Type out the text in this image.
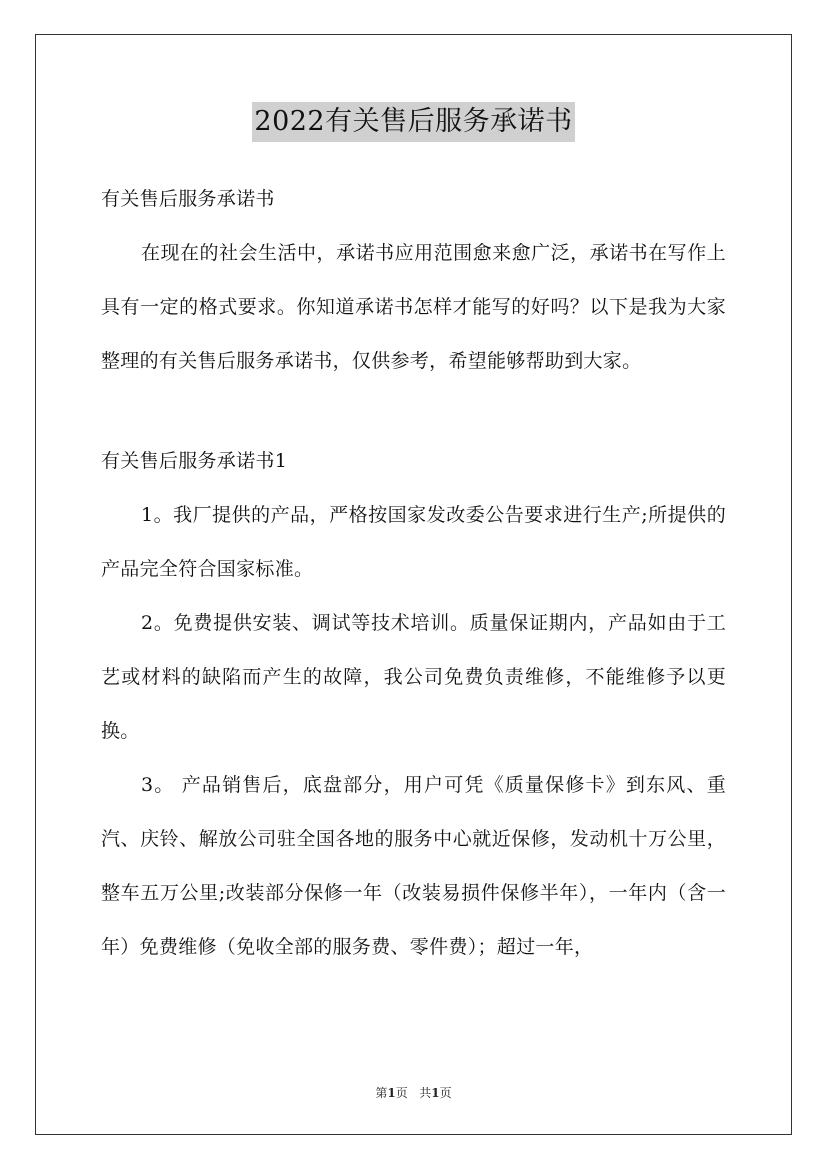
2022有关售后服务承诺书

有关售后服务承诺书

在现在的社会生活中，承诺书应用范围愈来愈广泛，承诺书在写作上具有一定的格式要求。你知道承诺书怎样才能写的好吗？以下是我为大家整理的有关售后服务承诺书，仅供参考，希望能够帮助到大家。

有关售后服务承诺书1

1。我厂提供的产品，严格按国家发改委公告要求进行生产;所提供的产品完全符合国家标准。

2。免费提供安装、调试等技术培训。质量保证期内，产品如由于工艺或材料的缺陷而产生的故障，我公司免费负责维修，不能维修予以更换。

3。 产品销售后，底盘部分，用户可凭《质量保修卡》到东风、重汽、庆铃、解放公司驻全国各地的服务中心就近保修，发动机十万公里，整车五万公里;改装部分保修一年（改装易损件保修半年），一年内（含一年）免费维修（免收全部的服务费、零件费）；超过一年，

第1页 共1页
